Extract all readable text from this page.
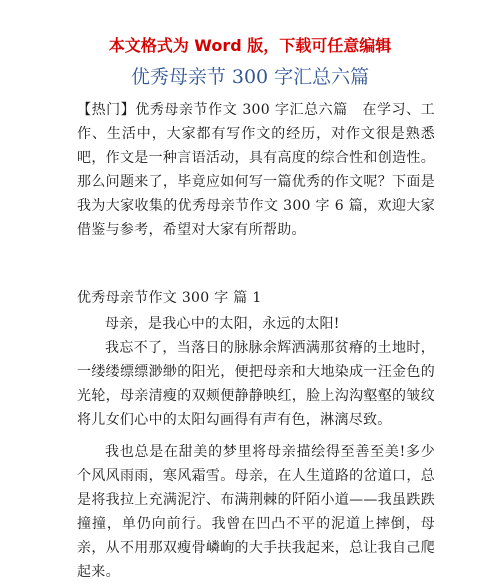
本文格式为 Word 版，下载可任意编辑
优秀母亲节 300 字汇总六篇

【热门】优秀母亲节作文 300 字汇总六篇　在学习、工作、生活中，大家都有写作文的经历，对作文很是熟悉吧，作文是一种言语活动，具有高度的综合性和创造性。那么问题来了，毕竟应如何写一篇优秀的作文呢？下面是我为大家收集的优秀母亲节作文 300 字 6 篇，欢迎大家借鉴与参考，希望对大家有所帮助。

优秀母亲节作文 300 字 篇 1

母亲，是我心中的太阳，永远的太阳!

我忘不了，当落日的脉脉余辉洒满那贫瘠的土地时，一缕缕缥缥渺缈的阳光，便把母亲和大地染成一汪金色的光轮，母亲清瘦的双颊便静静映红，脸上沟沟壑壑的皱纹将儿女们心中的太阳勾画得有声有色，淋漓尽致。

我也总是在甜美的梦里将母亲描绘得至善至美!多少个风风雨雨，寒风霜雪。母亲，在人生道路的岔道口，总是将我拉上充满泥泞、布满荆棘的阡陌小道——我虽跌跌撞撞，单仍向前行。我曾在凹凸不平的泥道上摔倒，母亲，从不用那双瘦骨嶙峋的大手扶我起来，总让我自己爬起来。
